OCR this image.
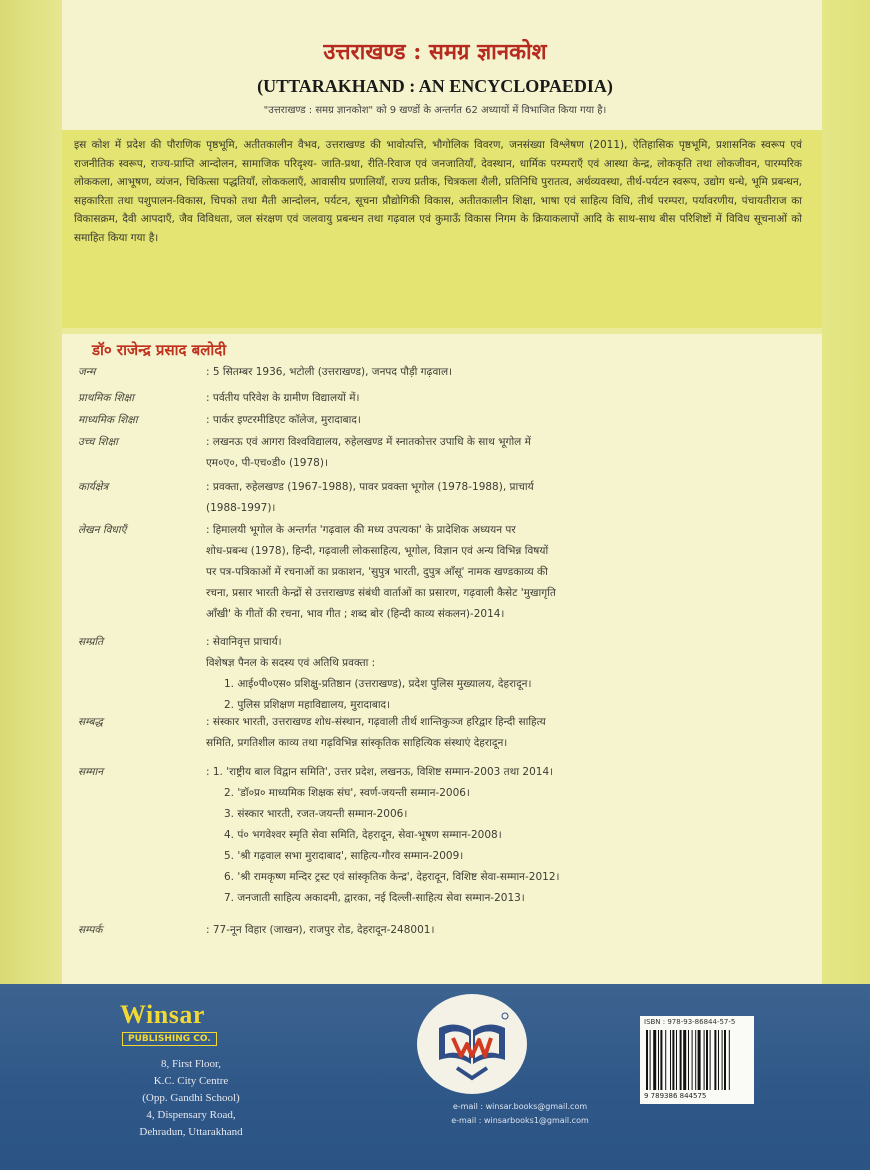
उत्तराखण्ड : समग्र ज्ञानकोश
(UTTARAKHAND : AN ENCYCLOPAEDIA)
"उत्तराखण्ड : समग्र ज्ञानकोश" को 9 खण्डों के अन्तर्गत 62 अध्यायों में विभाजित किया गया है।

इस कोश में प्रदेश की पौराणिक पृष्ठभूमि, अतीतकालीन वैभव, उत्तराखण्ड की भावोत्पत्ति, भौगोलिक विवरण, जनसंख्या विश्लेषण (2011), ऐतिहासिक पृष्ठभूमि, प्रशासनिक स्वरूप एवं राजनीतिक स्वरूप, राज्य-प्राप्ति आन्दोलन, सामाजिक परिदृश्य- जाति-प्रथा, रीति-रिवाज एवं जनजातियाँ, देवस्थान, धार्मिक परम्पराएँ एवं आस्था केन्द्र, लोककृति तथा लोकजीवन, पारम्परिक लोककला, आभूषण, व्यंजन, चिकित्सा पद्धतियाँ, लोककलाएँ, आवासीय प्रणालियाँ, राज्य प्रतीक, चित्रकला शैली, प्रतिनिधि पुरातत्व, अर्थव्यवस्था, तीर्थ-पर्यटन स्वरूप, उद्योग धन्धे, भूमि प्रबन्धन, सहकारिता तथा पशुपालन-विकास, चिपको तथा मैती आन्दोलन, पर्यटन, सूचना प्रौद्योगिकी विकास, अतीतकालीन शिक्षा, भाषा एवं साहित्य विधि, तीर्थ परम्परा, पर्यावरणीय, पंचायतीराज का विकासक्रम, दैवी आपदाएँ, जैव विविधता, जल संरक्षण एवं जलवायु प्रबन्धन तथा गढ़वाल एवं कुमाऊँ विकास निगम के क्रियाकलापों आदि के साथ-साथ बीस परिशिष्टों में विविध सूचनाओं को समाहित किया गया है।

डॉ० राजेन्द्र प्रसाद बलोदी
जन्म	: 5 सितम्बर 1936, भटोली (उत्तराखण्ड), जनपद पौड़ी गढ़वाल।
प्राथमिक शिक्षा	: पर्वतीय परिवेश के ग्रामीण विद्यालयों में।
माध्यमिक शिक्षा	: पार्कर इण्टरमीडिएट कॉलेज, मुरादाबाद।
उच्च शिक्षा	: लखनऊ एवं आगरा विश्वविद्यालय, रुहेलखण्ड में स्नातकोत्तर उपाधि के साथ भूगोल में
एम०ए०, पी-एच०डी० (1978)।
कार्यक्षेत्र	: प्रवक्ता, रुहेलखण्ड (1967-1988), पावर प्रवक्ता भूगोल (1978-1988), प्राचार्य
(1988-1997)।
लेखन विधाएँ	: हिमालयी भूगोल के अन्तर्गत 'गढ़वाल की मध्य उपत्यका' के प्रादेशिक अध्ययन पर
शोध-प्रबन्ध (1978), हिन्दी, गढ़वाली लोकसाहित्य, भूगोल, विज्ञान एवं अन्य विभिन्न विषयों
पर पत्र-पत्रिकाओं में रचनाओं का प्रकाशन, 'सुपुत्र भारती, दुपुत्र आँसू' नामक खण्डकाव्य की
रचना, प्रसार भारती केन्द्रों से उत्तराखण्ड संबंधी वार्ताओं का प्रसारण, गढ़वाली कैसेट 'मुखागृति
आँखी' के गीतों की रचना, भाव गीत ; शब्द बोर (हिन्दी काव्य संकलन)-2014।
सम्प्रति	: सेवानिवृत्त प्राचार्य।
विशेषज्ञ पैनल के सदस्य एवं अतिथि प्रवक्ता :
1. आई०पी०एस० प्रशिक्षु-प्रतिष्ठान (उत्तराखण्ड), प्रदेश पुलिस मुख्यालय, देहरादून।
2. पुलिस प्रशिक्षण महाविद्यालय, मुरादाबाद।
सम्बद्ध	: संस्कार भारती, उत्तराखण्ड शोध-संस्थान, गढ़वाली तीर्थ शान्तिकुञ्ज हरिद्वार हिन्दी साहित्य
समिति, प्रगतिशील काव्य तथा गढ़विभिन्न सांस्कृतिक साहित्यिक संस्थाएं देहरादून।
सम्मान	: 1. 'राष्ट्रीय बाल विद्वान समिति', उत्तर प्रदेश, लखनऊ, विशिष्ट सम्मान-2003 तथा 2014।
2. 'डॉ०प्र० माध्यमिक शिक्षक संघ', स्वर्ण-जयन्ती सम्मान-2006।
3. संस्कार भारती, रजत-जयन्ती सम्मान-2006।
4. पं० भगवेश्वर स्मृति सेवा समिति, देहरादून, सेवा-भूषण सम्मान-2008।
5. 'श्री गढ़वाल सभा मुरादाबाद', साहित्य-गौरव सम्मान-2009।
6. 'श्री रामकृष्ण मन्दिर ट्रस्ट एवं सांस्कृतिक केन्द्र', देहरादून, विशिष्ट सेवा-सम्मान-2012।
7. जनजाती साहित्य अकादमी, द्वारका, नई दिल्ली-साहित्य सेवा सम्मान-2013।
सम्पर्क	: 77-नून विहार (जाखन), राजपुर रोड, देहरादून-248001।
Winsar
PUBLISHING CO.
8, First Floor,
K.C. City Centre
(Opp. Gandhi School)
4, Dispensary Road,
Dehradun, Uttarakhand
e-mail : winsar.books@gmail.com
e-mail : winsarbooks1@gmail.com
ISBN : 978-93-86844-57-5
9 789386 844575
